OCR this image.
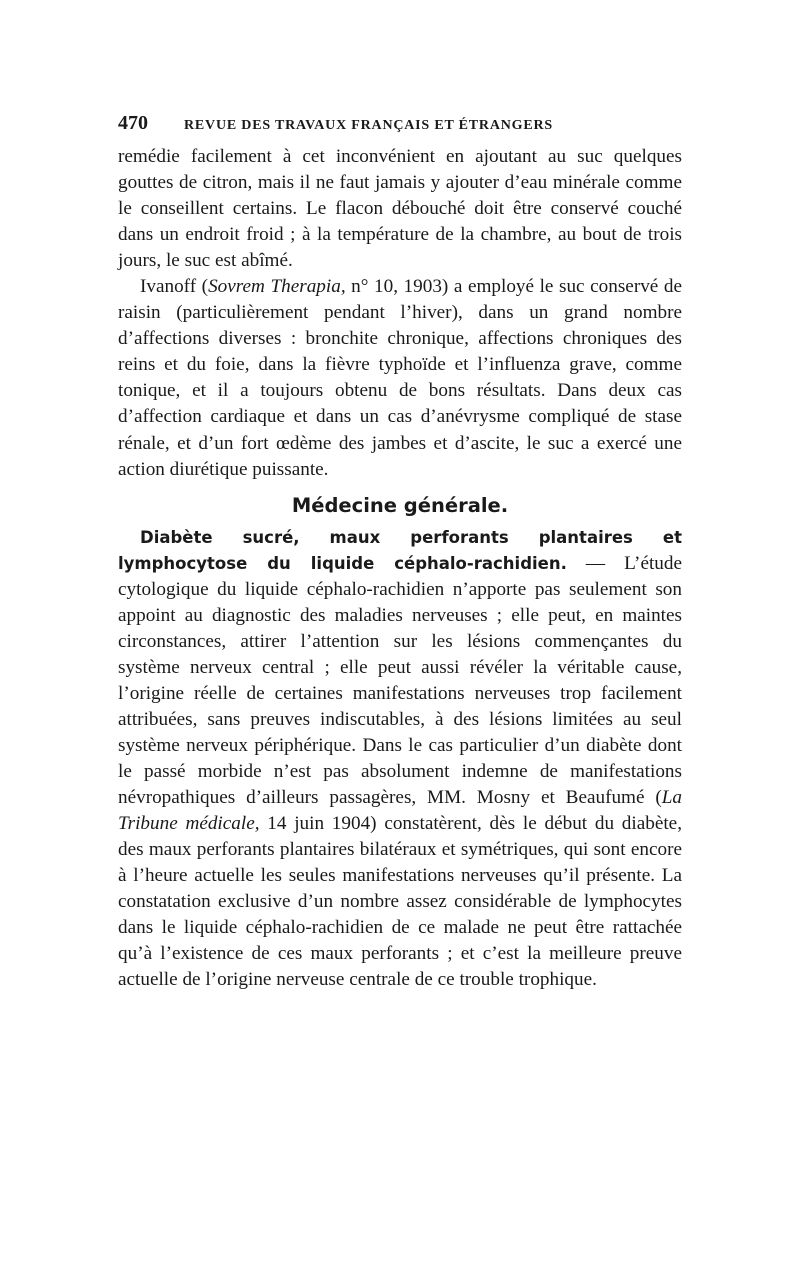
470	REVUE DES TRAVAUX FRANÇAIS ET ÉTRANGERS

remédie facilement à cet inconvénient en ajoutant au suc quelques gouttes de citron, mais il ne faut jamais y ajouter d’eau minérale comme le conseillent certains. Le flacon débouché doit être conservé couché dans un endroit froid ; à la température de la chambre, au bout de trois jours, le suc est abîmé.

Ivanoff (Sovrem Therapia, n° 10, 1903) a employé le suc conservé de raisin (particulièrement pendant l’hiver), dans un grand nombre d’affections diverses : bronchite chronique, affections chroniques des reins et du foie, dans la fièvre typhoïde et l’influenza grave, comme tonique, et il a toujours obtenu de bons résultats. Dans deux cas d’affection cardiaque et dans un cas d’anévrysme compliqué de stase rénale, et d’un fort œdème des jambes et d’ascite, le suc a exercé une action diurétique puissante.

Médecine générale.

Diabète sucré, maux perforants plantaires et lymphocytose du liquide céphalo-rachidien. — L’étude cytologique du liquide céphalo-rachidien n’apporte pas seulement son appoint au diagnostic des maladies nerveuses ; elle peut, en maintes circonstances, attirer l’attention sur les lésions commençantes du système nerveux central ; elle peut aussi révéler la véritable cause, l’origine réelle de certaines manifestations nerveuses trop facilement attribuées, sans preuves indiscutables, à des lésions limitées au seul système nerveux périphérique. Dans le cas particulier d’un diabète dont le passé morbide n’est pas absolument indemne de manifestations névropathiques d’ailleurs passagères, MM. Mosny et Beaufumé (La Tribune médicale, 14 juin 1904) constatèrent, dès le début du diabète, des maux perforants plantaires bilatéraux et symétriques, qui sont encore à l’heure actuelle les seules manifestations nerveuses qu’il présente. La constatation exclusive d’un nombre assez considérable de lymphocytes dans le liquide céphalo-rachidien de ce malade ne peut être rattachée qu’à l’existence de ces maux perforants ; et c’est la meilleure preuve actuelle de l’origine nerveuse centrale de ce trouble trophique.
